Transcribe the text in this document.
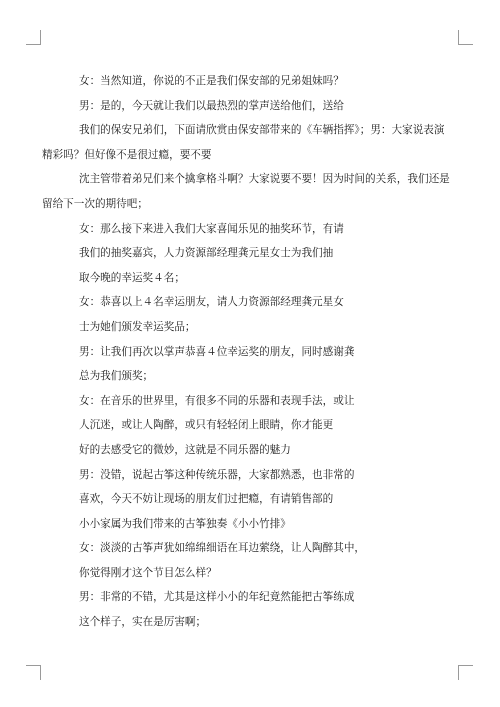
女：当然知道，你说的不正是我们保安部的兄弟姐妹吗？
男：是的，今天就让我们以最热烈的掌声送给他们，送给
我们的保安兄弟们，下面请欣赏由保安部带来的《车辆指挥》；男：大家说表演
精彩吗？但好像不是很过瘾，要不要
沈主管带着弟兄们来个擒拿格斗啊？大家说要不要！因为时间的关系，我们还是
留给下一次的期待吧；
女：那么接下来进入我们大家喜闻乐见的抽奖环节，有请
我们的抽奖嘉宾，人力资源部经理龚元星女士为我们抽
取今晚的幸运奖４名；
女：恭喜以上４名幸运朋友，请人力资源部经理龚元星女
士为她们颁发幸运奖品；
男：让我们再次以掌声恭喜４位幸运奖的朋友，同时感谢龚
总为我们颁奖；
女：在音乐的世界里，有很多不同的乐器和表现手法，或让
人沉迷，或让人陶醉，或只有轻轻闭上眼睛，你才能更
好的去感受它的微妙，这就是不同乐器的魅力
男：没错，说起古筝这种传统乐器，大家都熟悉，也非常的
喜欢，今天不妨让现场的朋友们过把瘾，有请销售部的
小小家属为我们带来的古筝独奏《小小竹排》
女：淡淡的古筝声犹如绵绵细语在耳边萦绕，让人陶醉其中，
你觉得刚才这个节目怎么样？
男：非常的不错，尤其是这样小小的年纪竟然能把古筝练成
这个样子，实在是厉害啊；
